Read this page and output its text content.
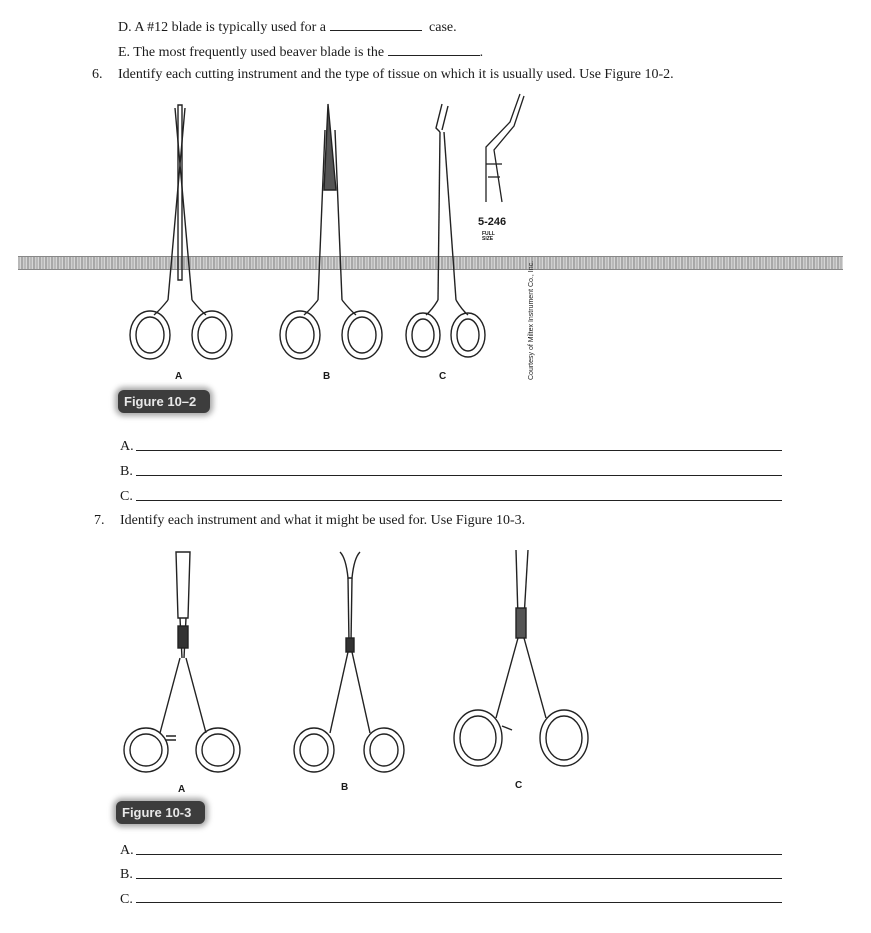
D. A #12 blade is typically used for a	case.
E. The most frequently used beaver blade is the	.
6. Identify each cutting instrument and the type of tissue on which it is usually used. Use Figure 10-2.
5-246
FULL SIZE
Courtesy of Miltex Instrument Co., Inc.
A	B	C
Figure 10–2
A.
B.
C.
7. Identify each instrument and what it might be used for. Use Figure 10-3.
A	B	C
Figure 10-3
A.
B.
C.
